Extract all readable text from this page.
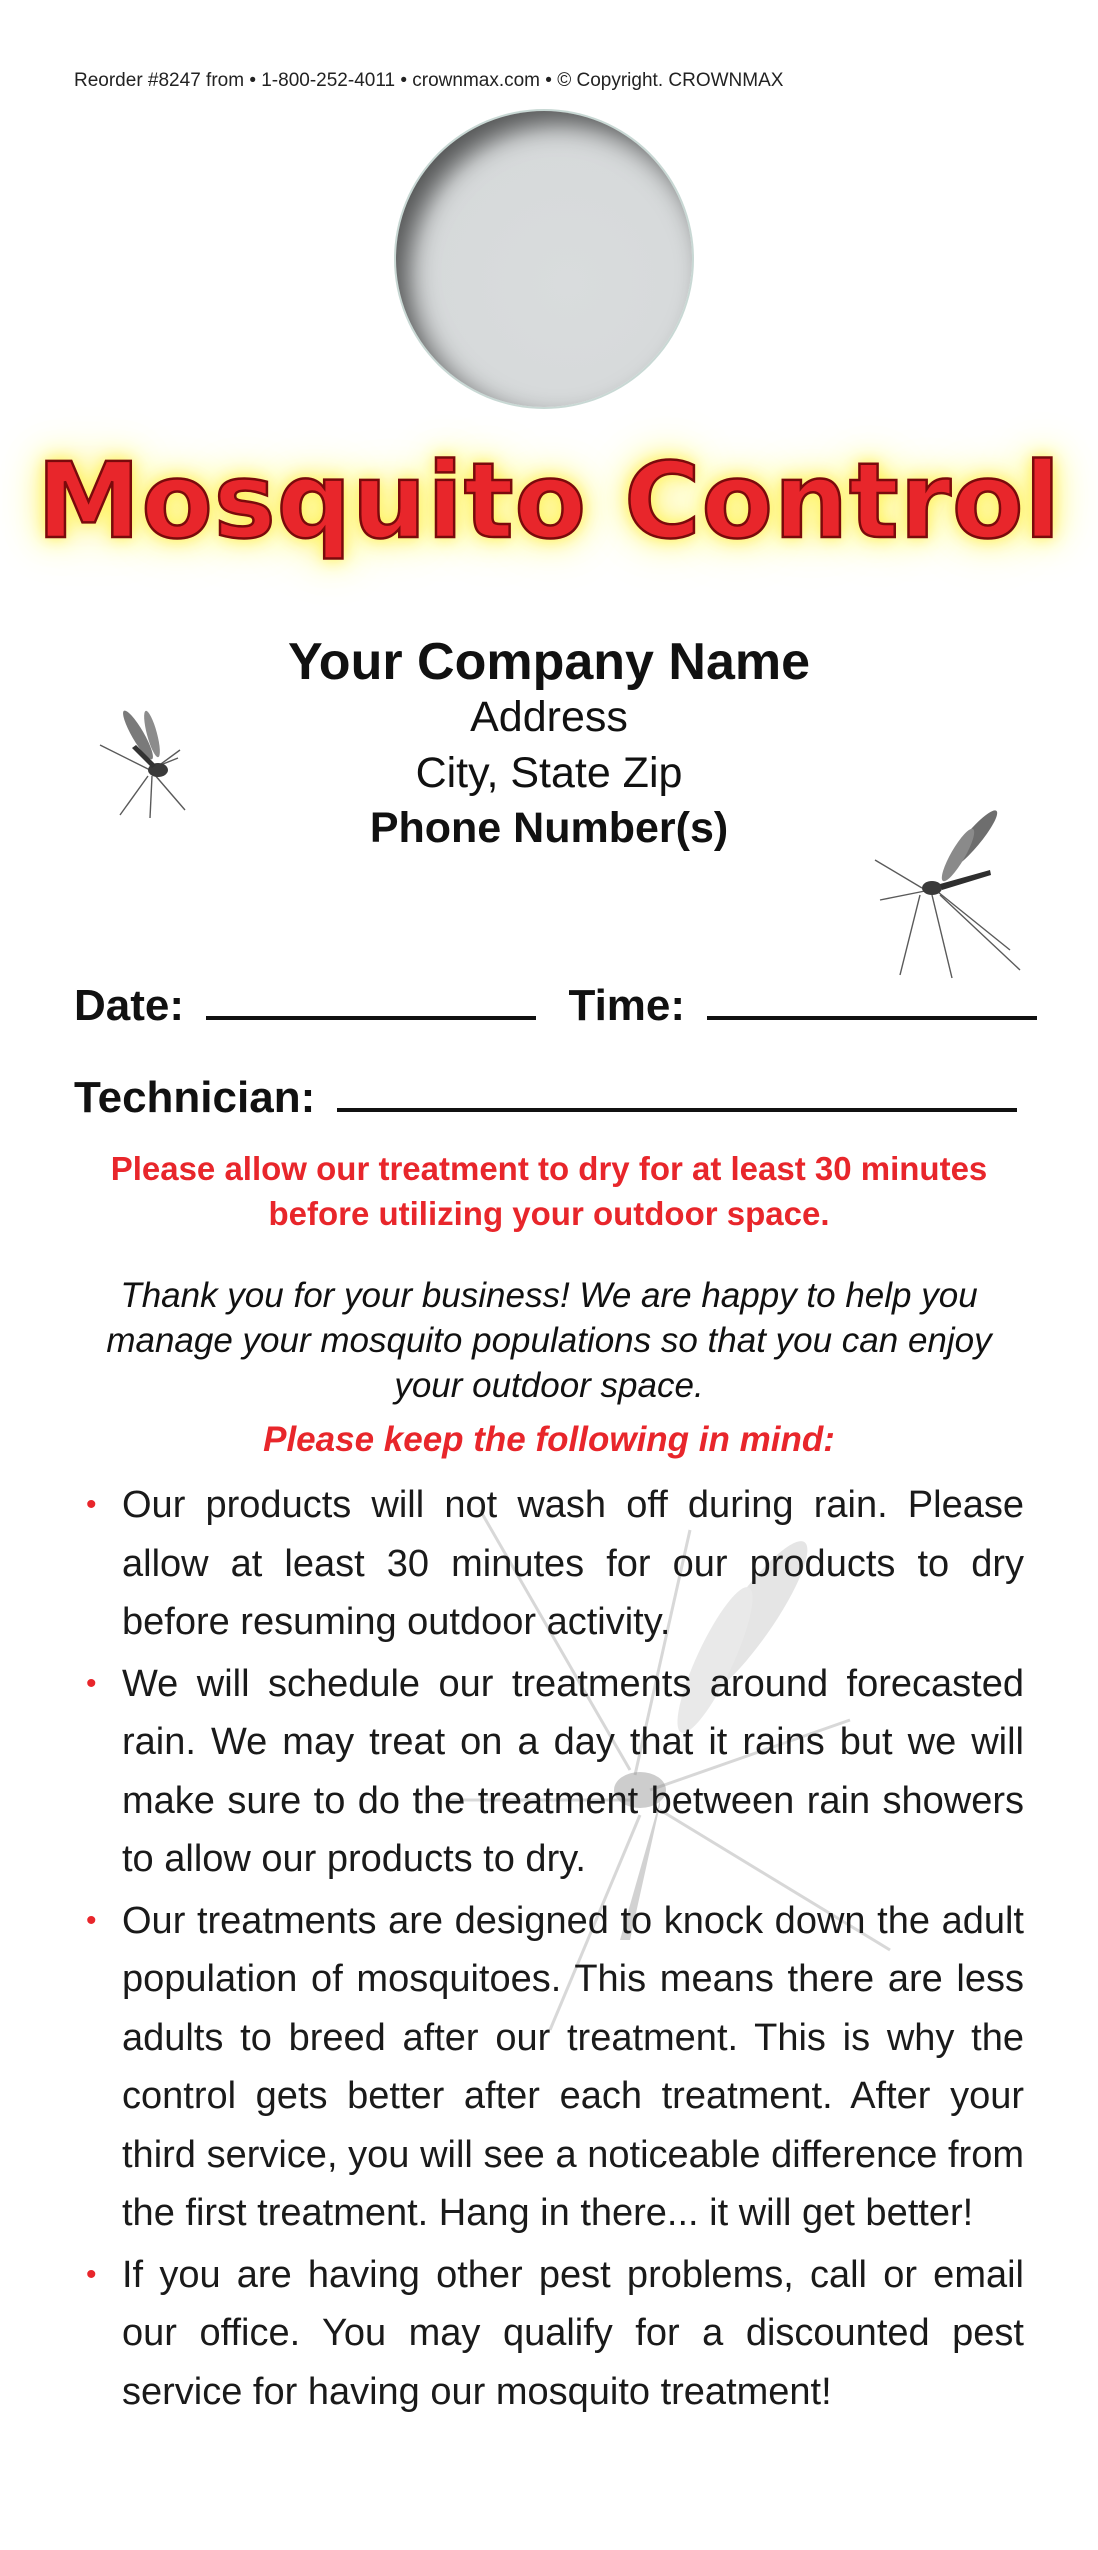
Reorder #8247 from • 1-800-252-4011 • crownmax.com • © Copyright. CROWNMAX
Mosquito Control
Your Company Name
Address
City, State Zip
Phone Number(s)
Date:	Time:
Technician:
Please allow our treatment to dry for at least 30 minutes before utilizing your outdoor space.
Thank you for your business! We are happy to help you manage your mosquito populations so that you can enjoy your outdoor space.
Please keep the following in mind:
• Our products will not wash off during rain. Please allow at least 30 minutes for our products to dry before resuming outdoor activity.
• We will schedule our treatments around forecasted rain. We may treat on a day that it rains but we will make sure to do the treatment between rain showers to allow our products to dry.
• Our treatments are designed to knock down the adult population of mosquitoes. This means there are less adults to breed after our treatment. This is why the control gets better after each treatment. After your third service, you will see a noticeable difference from the first treatment. Hang in there... it will get better!
• If you are having other pest problems, call or email our office. You may qualify for a discounted pest service for having our mosquito treatment!
